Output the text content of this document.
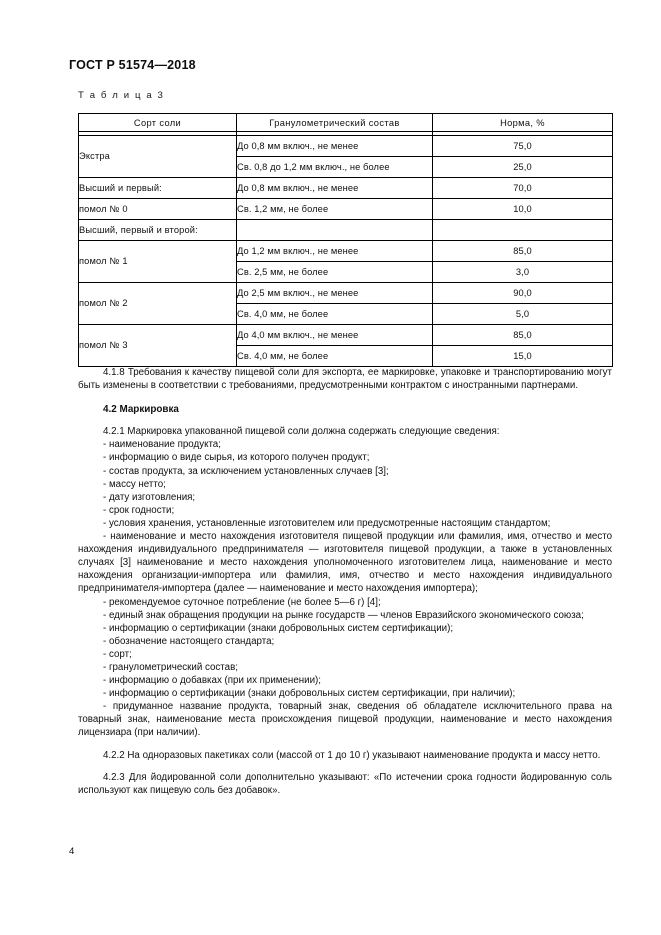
ГОСТ Р 51574—2018
Т а б л и ц а 3
Сорт соли	Гранулометрический состав	Норма, %

Экстра	До 0,8 мм включ., не менее	75,0
	Св. 0,8 до 1,2 мм включ., не более	25,0
Высший и первый:	До 0,8 мм включ., не менее	70,0
помол № 0	Св. 1,2 мм, не более	10,0
Высший, первый и второй:		
помол № 1	До 1,2 мм включ., не менее	85,0
	Св. 2,5 мм, не более	3,0
помол № 2	До 2,5 мм включ., не менее	90,0
	Св. 4,0 мм, не более	5,0
помол № 3	До 4,0 мм включ., не менее	85,0
	Св. 4,0 мм, не более	15,0

4.1.8 Требования к качеству пищевой соли для экспорта, ее маркировке, упаковке и транспортированию могут быть изменены в соответствии с требованиями, предусмотренными контрактом с иностранными партнерами.

4.2 Маркировка

4.2.1 Маркировка упакованной пищевой соли должна содержать следующие сведения:

- наименование продукта;
- информацию о виде сырья, из которого получен продукт;
- состав продукта, за исключением установленных случаев [3];
- массу нетто;
- дату изготовления;
- срок годности;
- условия хранения, установленные изготовителем или предусмотренные настоящим стандартом;
- наименование и место нахождения изготовителя пищевой продукции или фамилия, имя, отчество и место нахождения индивидуального предпринимателя — изготовителя пищевой продукции, а также в установленных случаях [3] наименование и место нахождения уполномоченного изготовителем лица, наименование и место нахождения организации-импортера или фамилия, имя, отчество и место нахождения индивидуального предпринимателя-импортера (далее — наименование и место нахождения импортера);
- рекомендуемое суточное потребление (не более 5—6 г) [4];
- единый знак обращения продукции на рынке государств — членов Евразийского экономического союза;
- информацию о сертификации (знаки добровольных систем сертификации);
- обозначение настоящего стандарта;
- сорт;
- гранулометрический состав;
- информацию о добавках (при их применении);
- информацию о сертификации (знаки добровольных систем сертификации, при наличии);
- придуманное название продукта, товарный знак, сведения об обладателе исключительного права на товарный знак, наименование места происхождения пищевой продукции, наименование и место нахождения лицензиара (при наличии).

4.2.2 На одноразовых пакетиках соли (массой от 1 до 10 г) указывают наименование продукта и массу нетто.

4.2.3 Для йодированной соли дополнительно указывают: «По истечении срока годности йодированную соль используют как пищевую соль без добавок».

4
